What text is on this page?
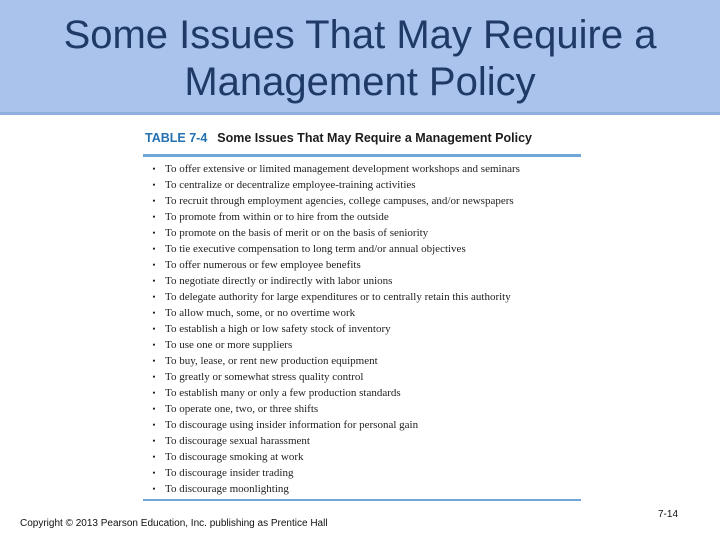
Some Issues That May Require a
Management Policy
TABLE 7-4 Some Issues That May Require a Management Policy
• To offer extensive or limited management development workshops and seminars
• To centralize or decentralize employee-training activities
• To recruit through employment agencies, college campuses, and/or newspapers
• To promote from within or to hire from the outside
• To promote on the basis of merit or on the basis of seniority
• To tie executive compensation to long term and/or annual objectives
• To offer numerous or few employee benefits
• To negotiate directly or indirectly with labor unions
• To delegate authority for large expenditures or to centrally retain this authority
• To allow much, some, or no overtime work
• To establish a high or low safety stock of inventory
• To use one or more suppliers
• To buy, lease, or rent new production equipment
• To greatly or somewhat stress quality control
• To establish many or only a few production standards
• To operate one, two, or three shifts
• To discourage using insider information for personal gain
• To discourage sexual harassment
• To discourage smoking at work
• To discourage insider trading
• To discourage moonlighting
Copyright © 2013 Pearson Education, Inc. publishing as Prentice Hall
7-14
